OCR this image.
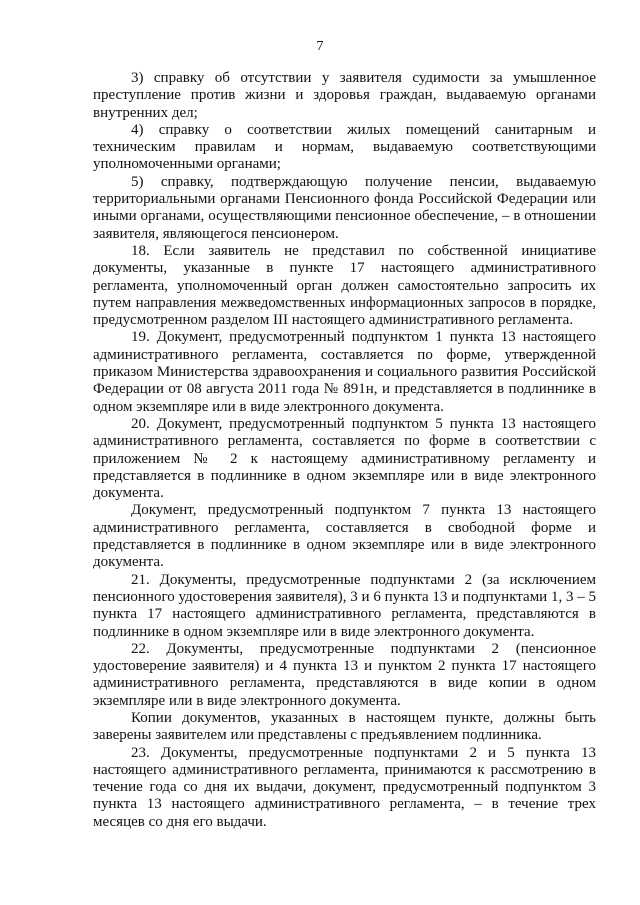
7

3) справку об отсутствии у заявителя судимости за умышленное преступление против жизни и здоровья граждан, выдаваемую органами внутренних дел;

4) справку о соответствии жилых помещений санитарным и техническим правилам и нормам, выдаваемую соответствующими уполномоченными органами;

5) справку, подтверждающую получение пенсии, выдаваемую территориальными органами Пенсионного фонда Российской Федерации или иными органами, осуществляющими пенсионное обеспечение, – в отношении заявителя, являющегося пенсионером.

18. Если заявитель не представил по собственной инициативе документы, указанные в пункте 17 настоящего административного регламента, уполномоченный орган должен самостоятельно запросить их путем направления межведомственных информационных запросов в порядке, предусмотренном разделом III настоящего административного регламента.

19. Документ, предусмотренный подпунктом 1 пункта 13 настоящего административного регламента, составляется по форме, утвержденной приказом Министерства здравоохранения и социального развития Российской Федерации от 08 августа 2011 года № 891н, и представляется в подлиннике в одном экземпляре или в виде электронного документа.

20. Документ, предусмотренный подпунктом 5 пункта 13 настоящего административного регламента, составляется по форме в соответствии с приложением № 2 к настоящему административному регламенту и представляется в подлиннике в одном экземпляре или в виде электронного документа.

Документ, предусмотренный подпунктом 7 пункта 13 настоящего административного регламента, составляется в свободной форме и представляется в подлиннике в одном экземпляре или в виде электронного документа.

21. Документы, предусмотренные подпунктами 2 (за исключением пенсионного удостоверения заявителя), 3 и 6 пункта 13 и подпунктами 1, 3 – 5 пункта 17 настоящего административного регламента, представляются в подлиннике в одном экземпляре или в виде электронного документа.

22. Документы, предусмотренные подпунктами 2 (пенсионное удостоверение заявителя) и 4 пункта 13 и пунктом 2 пункта 17 настоящего административного регламента, представляются в виде копии в одном экземпляре или в виде электронного документа.

Копии документов, указанных в настоящем пункте, должны быть заверены заявителем или представлены с предъявлением подлинника.

23. Документы, предусмотренные подпунктами 2 и 5 пункта 13 настоящего административного регламента, принимаются к рассмотрению в течение года со дня их выдачи, документ, предусмотренный подпунктом 3 пункта 13 настоящего административного регламента, – в течение трех месяцев со дня его выдачи.
